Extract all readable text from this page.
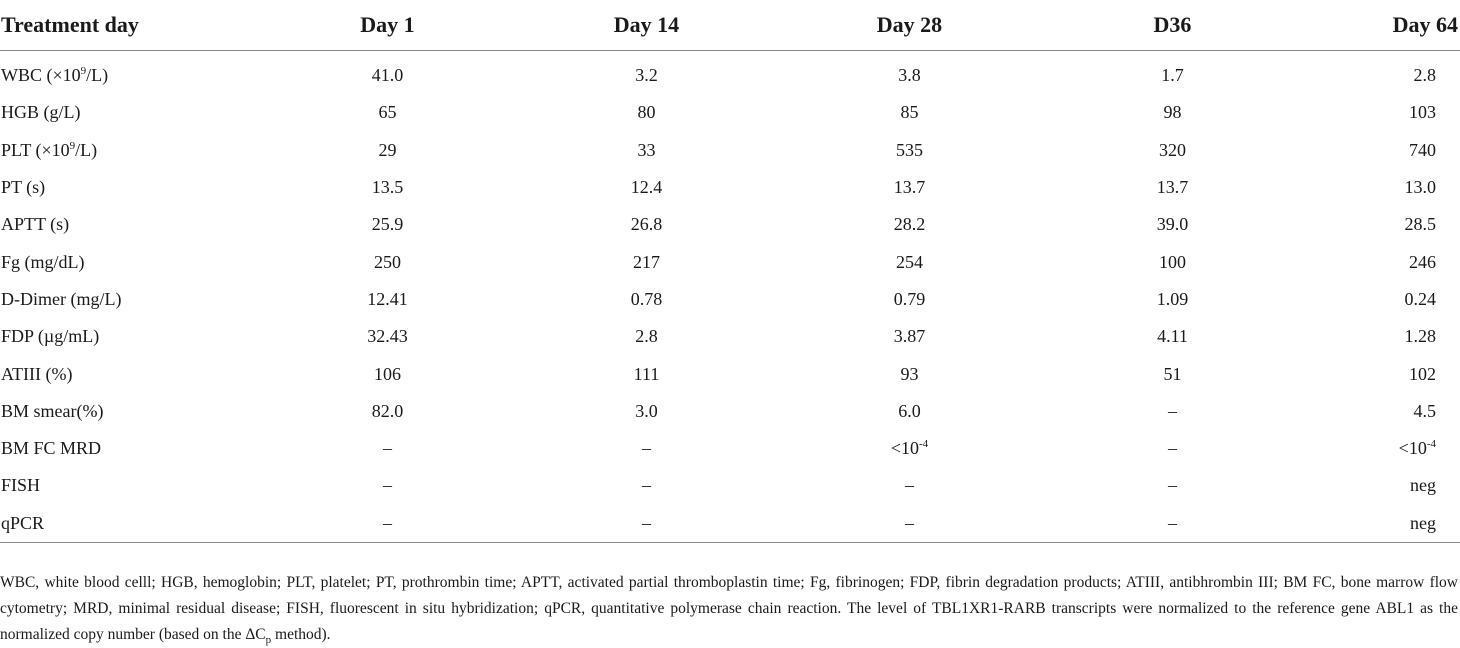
Treatment day	Day 1	Day 14	Day 28	D36	Day 64
WBC $(\times 10^9/L)$	41.0	3.2	3.8	1.7	2.8
HGB (g/L)	65	80	85	98	103
PLT $(\times 10^9/L)$	29	33	535	320	740
PT (s)	13.5	12.4	13.7	13.7	13.0
APTT (s)	25.9	26.8	28.2	39.0	28.5
Fg (mg/dL)	250	217	254	100	246
D-Dimer (mg/L)	12.41	0.78	0.79	1.09	0.24
FDP (µg/mL)	32.43	2.8	3.87	4.11	1.28
ATIII (%)	106	111	93	51	102
BM smear(%)	82.0	3.0	6.0	–	4.5
BM FC MRD	–	–	$<10^{-4}$	–	$<10^{-4}$
FISH	–	–	–	–	neg
qPCR	–	–	–	–	neg
WBC, white blood celll; HGB, hemoglobin; PLT, platelet; PT, prothrombin time; APTT, activated partial thromboplastin time; Fg, fibrinogen; FDP, fibrin degradation products; ATIII, antibhrombin III; BM FC, bone marrow flow cytometry; MRD, minimal residual disease; FISH, fluorescent in situ hybridization; qPCR, quantitative polymerase chain reaction. The level of TBL1XR1-RARB transcripts were normalized to the reference gene ABL1 as the normalized copy number (based on the $\Delta C_p$ method).
